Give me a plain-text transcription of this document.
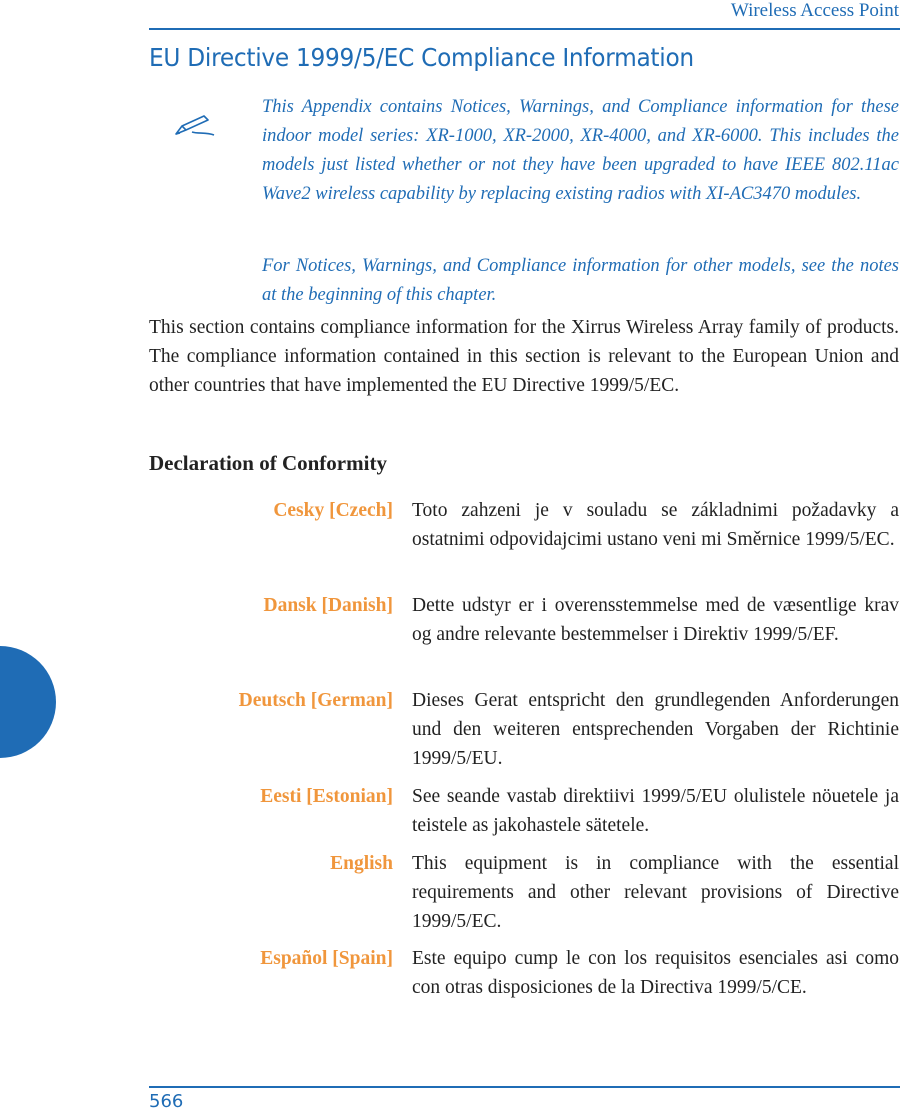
Wireless Access Point
EU Directive 1999/5/EC Compliance Information

This Appendix contains Notices, Warnings, and Compliance information for these indoor model series: XR-1000, XR-2000, XR-4000, and XR-6000. This includes the models just listed whether or not they have been upgraded to have IEEE 802.11ac Wave2 wireless capability by replacing existing radios with XI-AC3470 modules.

For Notices, Warnings, and Compliance information for other models, see the notes at the beginning of this chapter.

This section contains compliance information for the Xirrus Wireless Array family of products. The compliance information contained in this section is relevant to the European Union and other countries that have implemented the EU Directive 1999/5/EC.

Declaration of Conformity
Cesky [Czech] Toto zahzeni je v souladu se základnimi požadavky a ostatnimi odpovidajcimi ustano veni mi Směrnice 1999/5/EC.

Dansk [Danish] Dette udstyr er i overensstemmelse med de væsentlige krav og andre relevante bestemmelser i Direktiv 1999/5/EF.

Deutsch [German] Dieses Gerat entspricht den grundlegenden Anforderungen und den weiteren entsprechenden Vorgaben der Richtinie 1999/5/EU.

Eesti [Estonian] See seande vastab direktiivi 1999/5/EU olulistele nöuetele ja teistele as jakohastele sätetele.

English This equipment is in compliance with the essential requirements and other relevant provisions of Directive 1999/5/EC.

Español [Spain] Este equipo cump le con los requisitos esenciales asi como con otras disposiciones de la Directiva 1999/5/CE.

566
